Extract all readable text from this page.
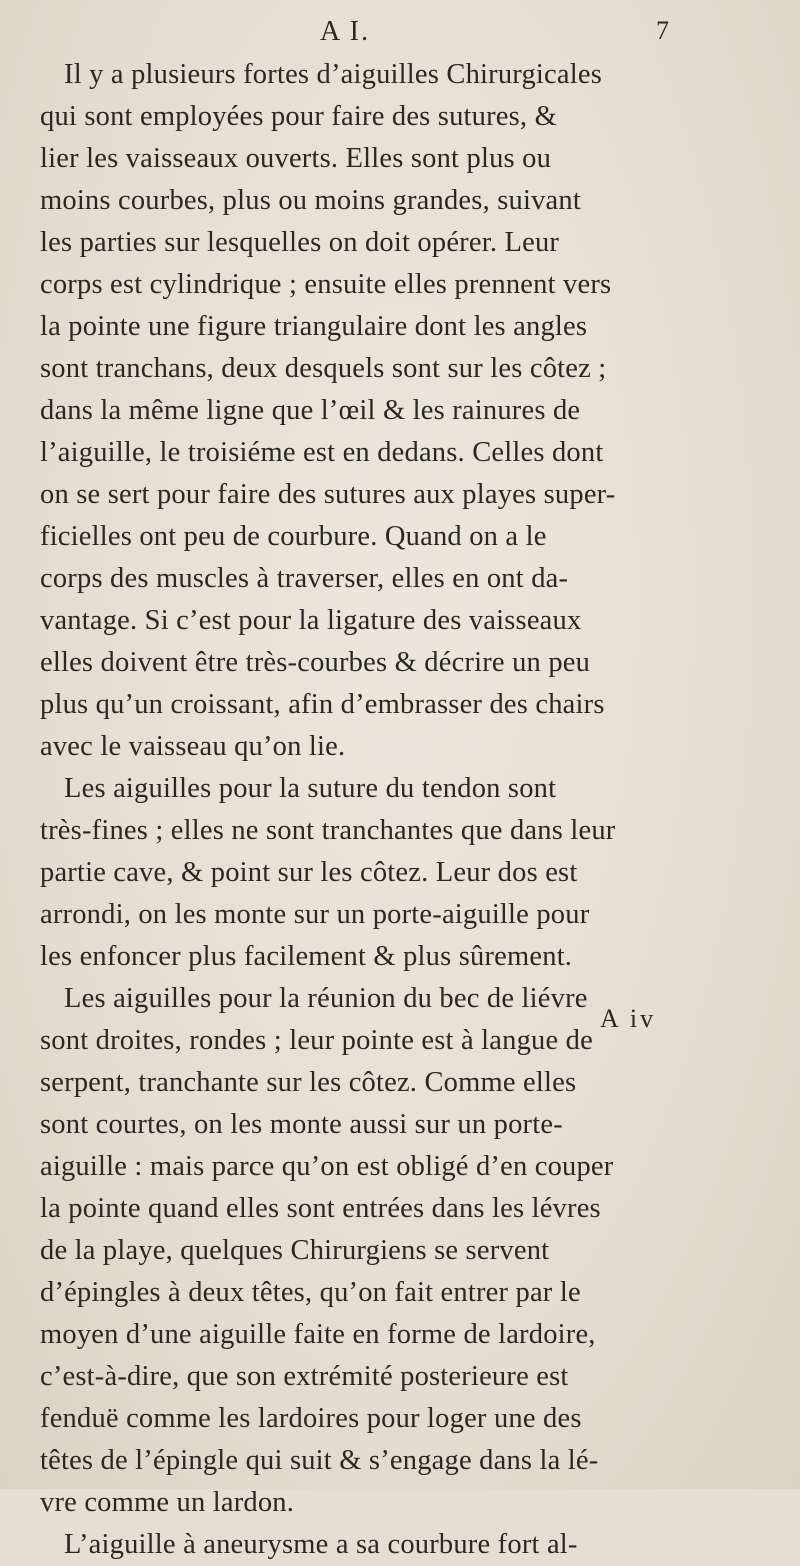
A I.	7
Il y a plusieurs fortes d’aiguilles Chirurgicales
qui sont employées pour faire des sutures, &
lier les vaisseaux ouverts. Elles sont plus ou
moins courbes, plus ou moins grandes, suivant
les parties sur lesquelles on doit opérer. Leur
corps est cylindrique ; ensuite elles prennent vers
la pointe une figure triangulaire dont les angles
sont tranchans, deux desquels sont sur les côtez ;
dans la même ligne que l’œil & les rainures de
l’aiguille, le troisiéme est en dedans. Celles dont
on se sert pour faire des sutures aux playes super-
ficielles ont peu de courbure. Quand on a le
corps des muscles à traverser, elles en ont da-
vantage. Si c’est pour la ligature des vaisseaux
elles doivent être très-courbes & décrire un peu
plus qu’un croissant, afin d’embrasser des chairs
avec le vaisseau qu’on lie.
Les aiguilles pour la suture du tendon sont
très-fines ; elles ne sont tranchantes que dans leur
partie cave, & point sur les côtez. Leur dos est
arrondi, on les monte sur un porte-aiguille pour
les enfoncer plus facilement & plus sûrement.
Les aiguilles pour la réunion du bec de liévre
sont droites, rondes ; leur pointe est à langue de
serpent, tranchante sur les côtez. Comme elles
sont courtes, on les monte aussi sur un porte-
aiguille : mais parce qu’on est obligé d’en couper
la pointe quand elles sont entrées dans les lévres
de la playe, quelques Chirurgiens se servent
d’épingles à deux têtes, qu’on fait entrer par le
moyen d’une aiguille faite en forme de lardoire,
c’est-à-dire, que son extrémité posterieure est
fenduë comme les lardoires pour loger une des
têtes de l’épingle qui suit & s’engage dans la lé-
vre comme un lardon.
L’aiguille à aneurysme a sa courbure fort al-
A iv
